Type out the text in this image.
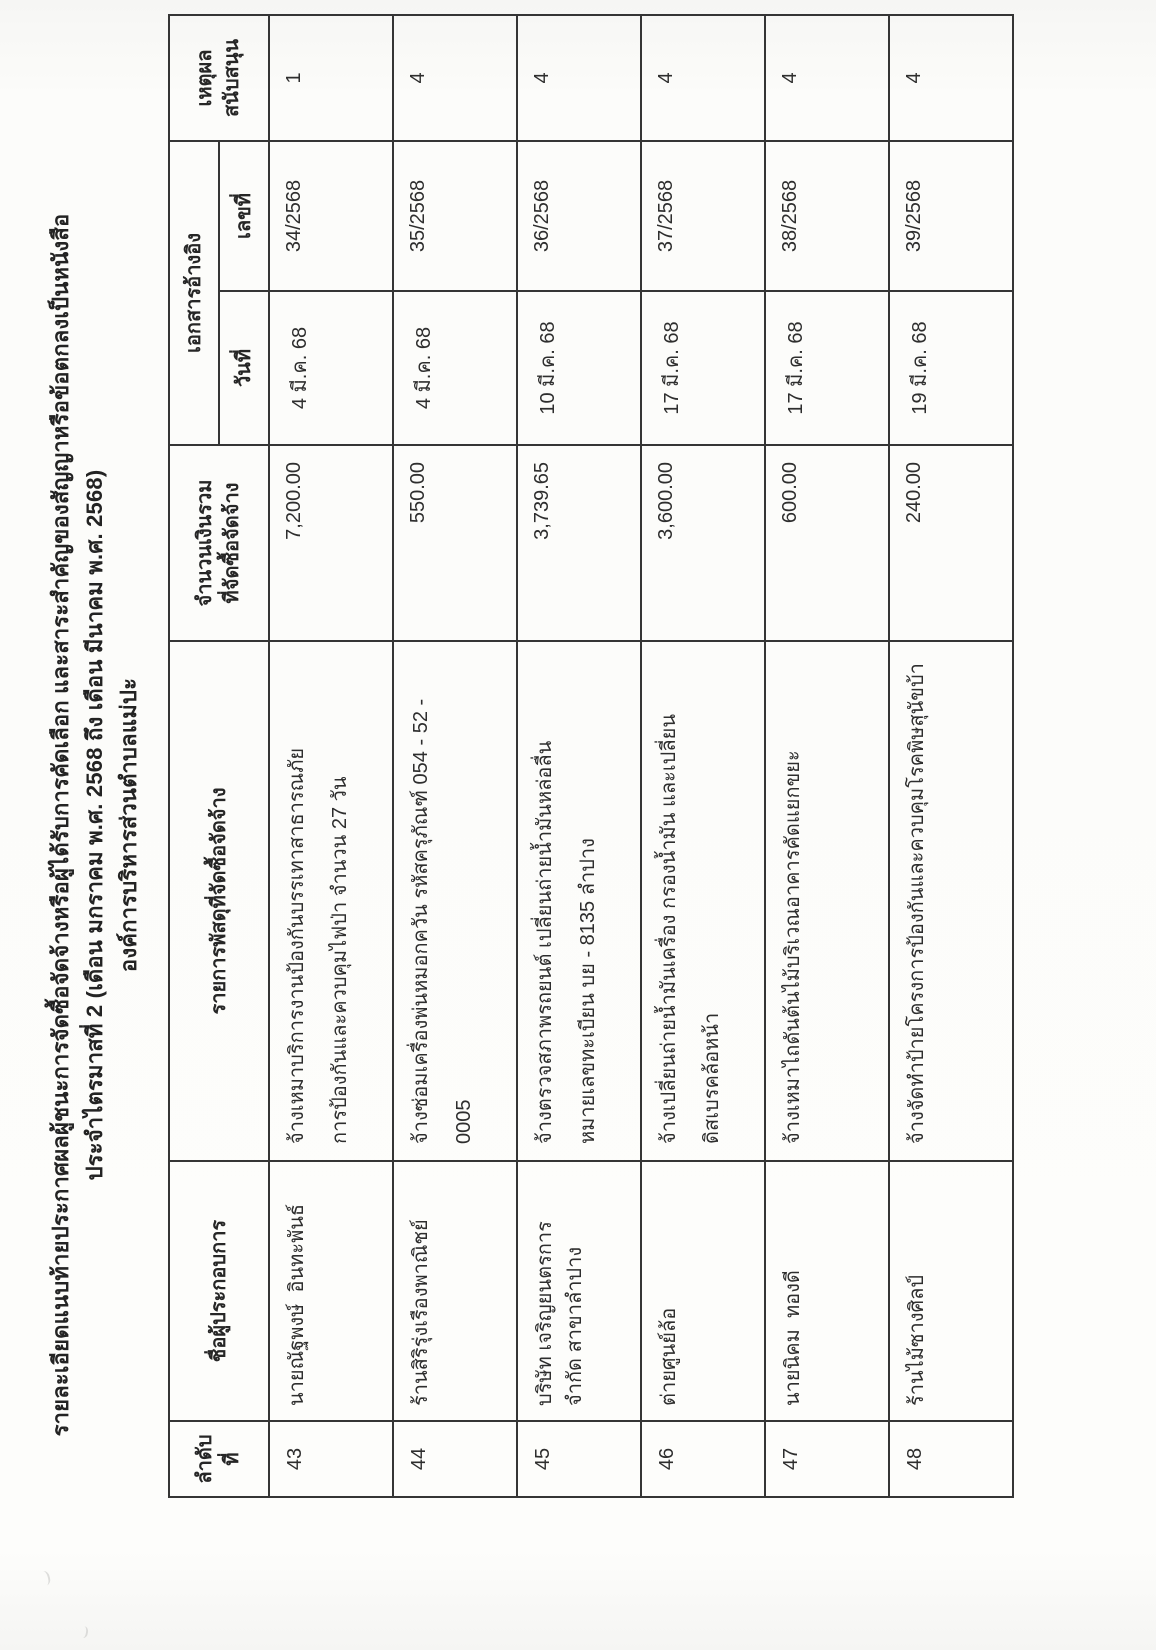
รายละเอียดแนบท้ายประกาศผลผู้ชนะการจัดซื้อจัดจ้างหรือผู้ได้รับการคัดเลือก และสาระสำคัญของสัญญาหรือข้อตกลงเป็นหนังสือ ประจำไตรมาสที่ 2 (เดือน มกราคม พ.ศ. 2568 ถึง เดือน มีนาคม พ.ศ. 2568) องค์การบริหารส่วนตำบลแม่ปะ
ลำดับที่	ชื่อผู้ประกอบการ	รายการพัสดุที่จัดซื้อจัดจ้าง	จำนวนเงินรวม ที่จัดซื้อจัดจ้าง	เอกสารอ้างอิง		เหตุผลสนับสนุน
				วันที่	เลขที่	
43	นายณัฐพงษ์  อินทะพันธ์	จ้างเหมาบริการงานป้องกันบรรเทาสาธารณภัย การป้องกันและควบคุมไฟป่า จำนวน 27 วัน	7,200.00	4 มี.ค. 68	34/2568	1
44	ร้านสิริรุ่งเรืองพาณิชย์	จ้างซ่อมเครื่องพ่นหมอกควัน รหัสครุภัณฑ์ 054 - 52 - 0005	550.00	4 มี.ค. 68	35/2568	4
45	บริษัท เจริญยนตรการ จำกัด สาขาลำปาง	จ้างตรวจสภาพรถยนต์ เปลี่ยนถ่ายน้ำมันหล่อลื่น หมายเลขทะเบียน บย - 8135 ลำปาง	3,739.65	10 มี.ค. 68	36/2568	4
46	ต่ายศูนย์ล้อ	จ้างเปลี่ยนถ่ายน้ำมันเครื่อง กรองน้ำมัน และเปลี่ยน ดิสเบรคล้อหน้า	3,600.00	17 มี.ค. 68	37/2568	4
47	นายนิคม  ทองดี	จ้างเหมาไถดันต้นไม้บริเวณอาคารคัดแยกขยะ	600.00	17 มี.ค. 68	38/2568	4
48	ร้านไม้ซางศิลป์	จ้างจัดทำป้ายโครงการป้องกันและควบคุมโรคพิษสุนัขบ้า	240.00	19 มี.ค. 68	39/2568	4
